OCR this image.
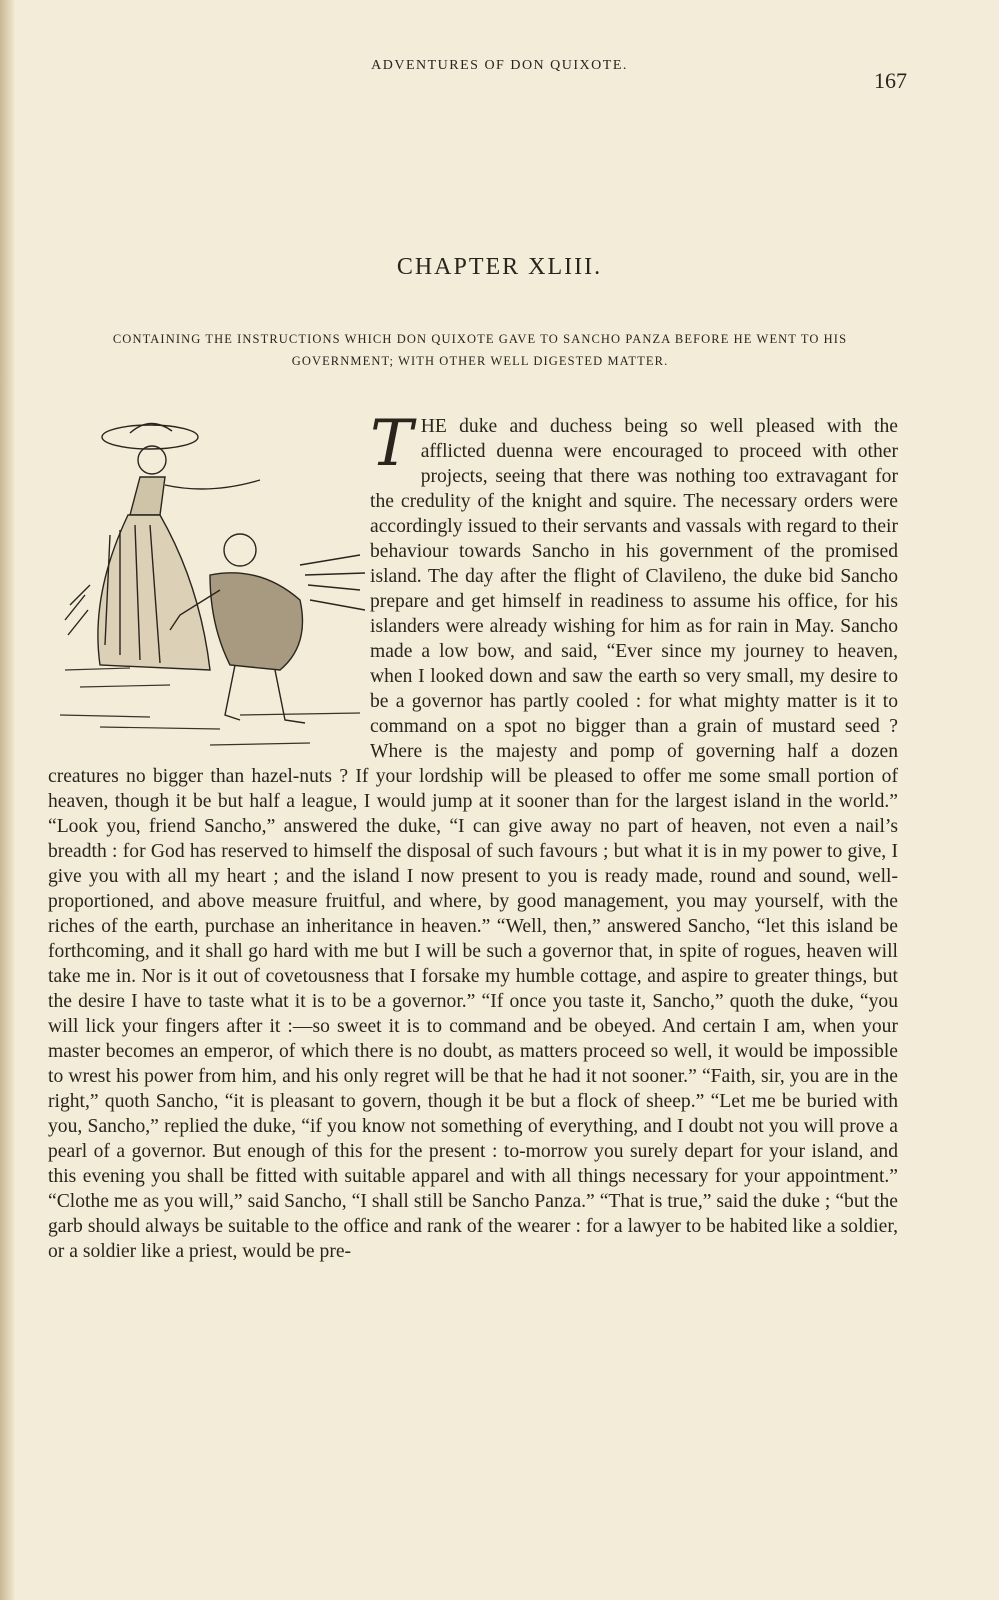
ADVENTURES OF DON QUIXOTE.
167
CHAPTER XLIII.
CONTAINING THE INSTRUCTIONS WHICH DON QUIXOTE GAVE TO SANCHO PANZA BEFORE HE WENT TO HIS GOVERNMENT; WITH OTHER WELL DIGESTED MATTER.
THE duke and duchess being so well pleased with the afflicted duenna were encouraged to proceed with other projects, seeing that there was nothing too extravagant for the credulity of the knight and squire. The necessary orders were accordingly issued to their servants and vassals with regard to their behaviour towards Sancho in his government of the promised island. The day after the flight of Clavileno, the duke bid Sancho prepare and get himself in readiness to assume his office, for his islanders were already wishing for him as for rain in May. Sancho made a low bow, and said, “Ever since my journey to heaven, when I looked down and saw the earth so very small, my desire to be a governor has partly cooled : for what mighty matter is it to command on a spot no bigger than a grain of mustard seed ? Where is the majesty and pomp of governing half a dozen creatures no bigger than hazel-nuts ? If your lordship will be pleased to offer me some small portion of heaven, though it be but half a league, I would jump at it sooner than for the largest island in the world.” “Look you, friend Sancho,” answered the duke, “I can give away no part of heaven, not even a nail’s breadth : for God has reserved to himself the disposal of such favours ; but what it is in my power to give, I give you with all my heart ; and the island I now present to you is ready made, round and sound, well-proportioned, and above measure fruitful, and where, by good management, you may yourself, with the riches of the earth, purchase an inheritance in heaven.” “Well, then,” answered Sancho, “let this island be forthcoming, and it shall go hard with me but I will be such a governor that, in spite of rogues, heaven will take me in. Nor is it out of covetousness that I forsake my humble cottage, and aspire to greater things, but the desire I have to taste what it is to be a governor.” “If once you taste it, Sancho,” quoth the duke, “you will lick your fingers after it :—so sweet it is to command and be obeyed. And certain I am, when your master becomes an emperor, of which there is no doubt, as matters proceed so well, it would be impossible to wrest his power from him, and his only regret will be that he had it not sooner.” “Faith, sir, you are in the right,” quoth Sancho, “it is pleasant to govern, though it be but a flock of sheep.” “Let me be buried with you, Sancho,” replied the duke, “if you know not something of everything, and I doubt not you will prove a pearl of a governor. But enough of this for the present : to-morrow you surely depart for your island, and this evening you shall be fitted with suitable apparel and with all things necessary for your appointment.” “Clothe me as you will,” said Sancho, “I shall still be Sancho Panza.” “That is true,” said the duke ; “but the garb should always be suitable to the office and rank of the wearer : for a lawyer to be habited like a soldier, or a soldier like a priest, would be pre-
